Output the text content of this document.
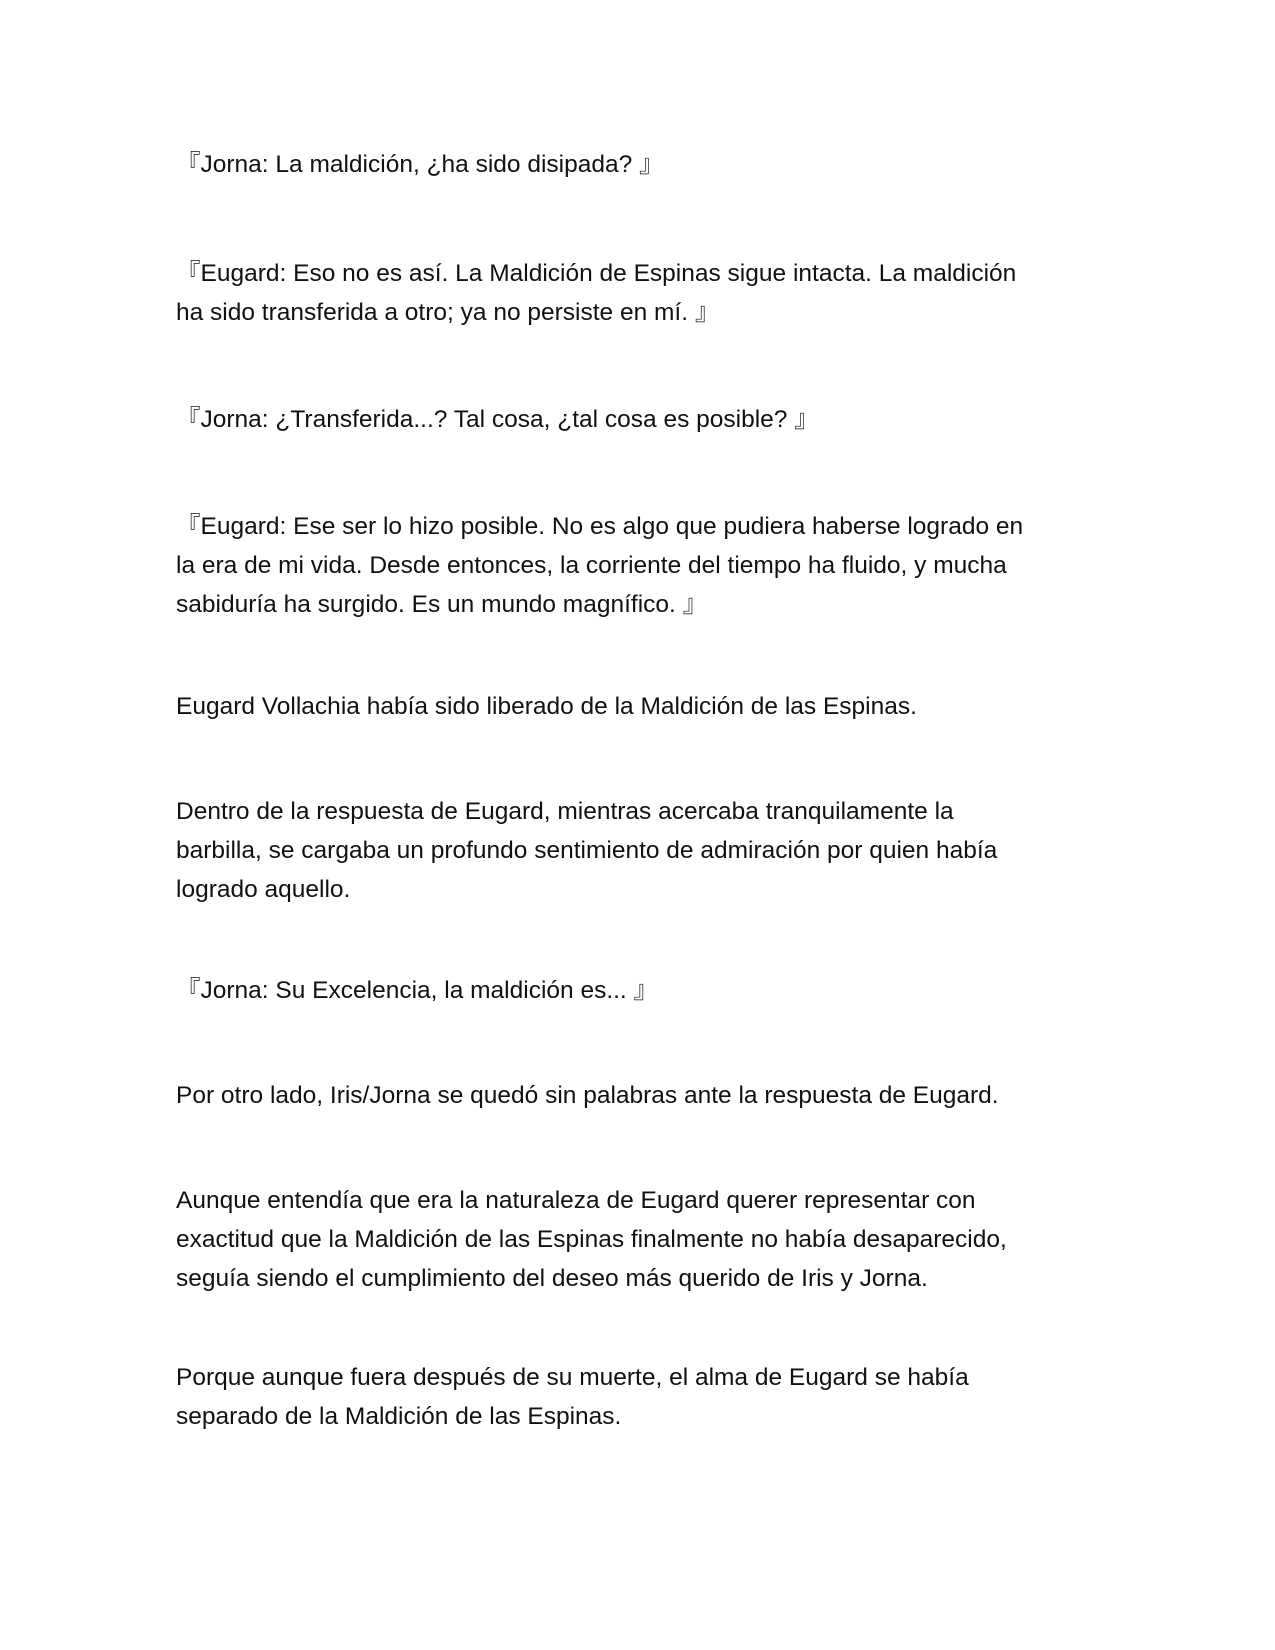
『Jorna: La maldición, ¿ha sido disipada? 』

『Eugard: Eso no es así. La Maldición de Espinas sigue intacta. La maldición
ha sido transferida a otro; ya no persiste en mí. 』

『Jorna: ¿Transferida...? Tal cosa, ¿tal cosa es posible? 』

『Eugard: Ese ser lo hizo posible. No es algo que pudiera haberse logrado en
la era de mi vida. Desde entonces, la corriente del tiempo ha fluido, y mucha
sabiduría ha surgido. Es un mundo magnífico. 』

Eugard Vollachia había sido liberado de la Maldición de las Espinas.

Dentro de la respuesta de Eugard, mientras acercaba tranquilamente la
barbilla, se cargaba un profundo sentimiento de admiración por quien había
logrado aquello.

『Jorna: Su Excelencia, la maldición es... 』

Por otro lado, Iris/Jorna se quedó sin palabras ante la respuesta de Eugard.

Aunque entendía que era la naturaleza de Eugard querer representar con
exactitud que la Maldición de las Espinas finalmente no había desaparecido,
seguía siendo el cumplimiento del deseo más querido de Iris y Jorna.

Porque aunque fuera después de su muerte, el alma de Eugard se había
separado de la Maldición de las Espinas.
